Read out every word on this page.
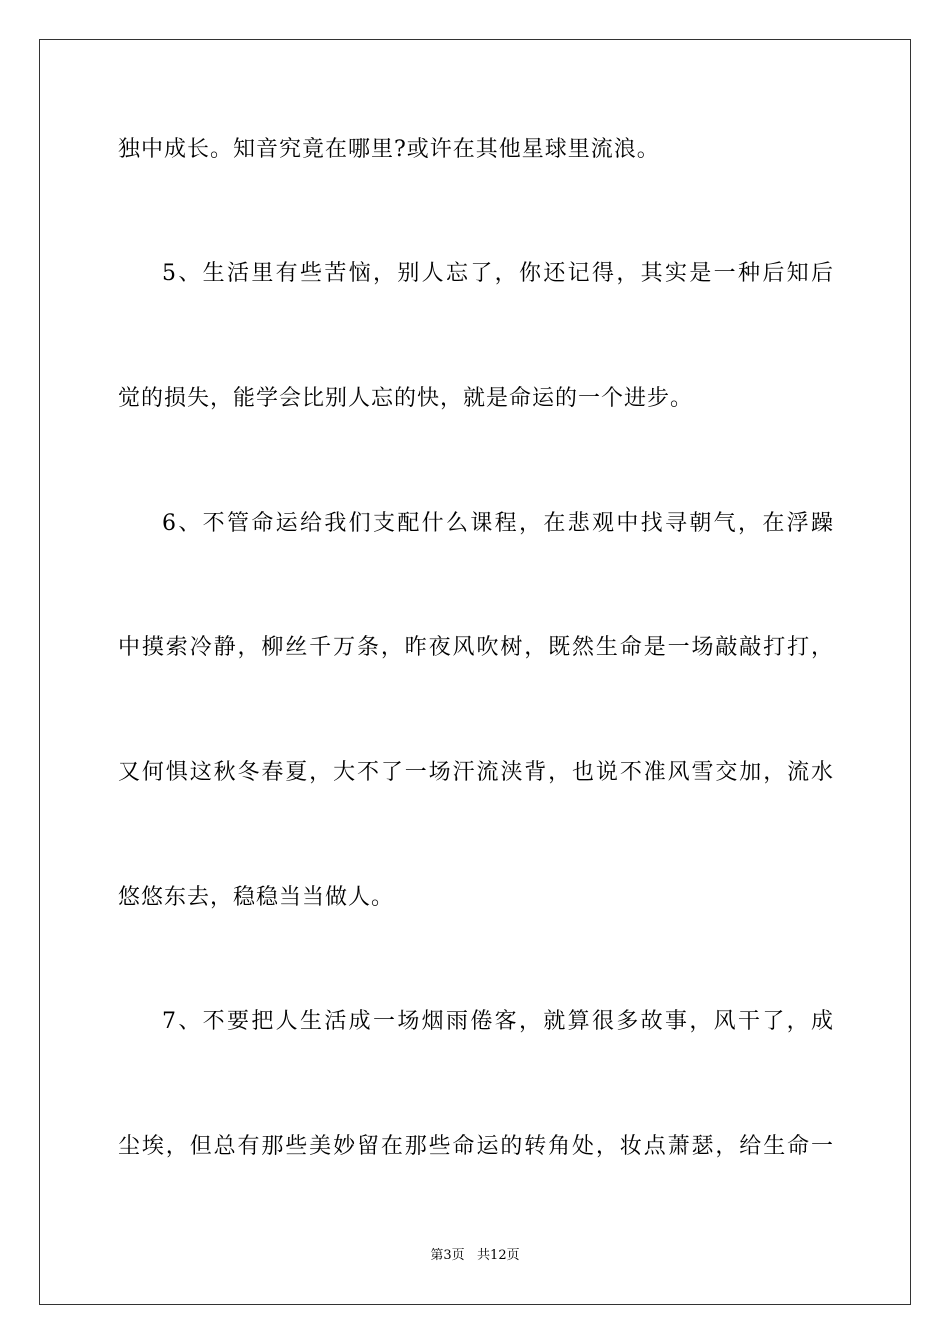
独中成长。知音究竟在哪里?或许在其他星球里流浪。
5、生活里有些苦恼，别人忘了，你还记得，其实是一种后知后
觉的损失，能学会比别人忘的快，就是命运的一个进步。
6、不管命运给我们支配什么课程，在悲观中找寻朝气，在浮躁
中摸索冷静，柳丝千万条，昨夜风吹树，既然生命是一场敲敲打打，
又何惧这秋冬春夏，大不了一场汗流浃背，也说不准风雪交加，流水
悠悠东去，稳稳当当做人。
7、不要把人生活成一场烟雨倦客，就算很多故事，风干了，成
尘埃，但总有那些美妙留在那些命运的转角处，妆点萧瑟，给生命一
第3页   共12页
